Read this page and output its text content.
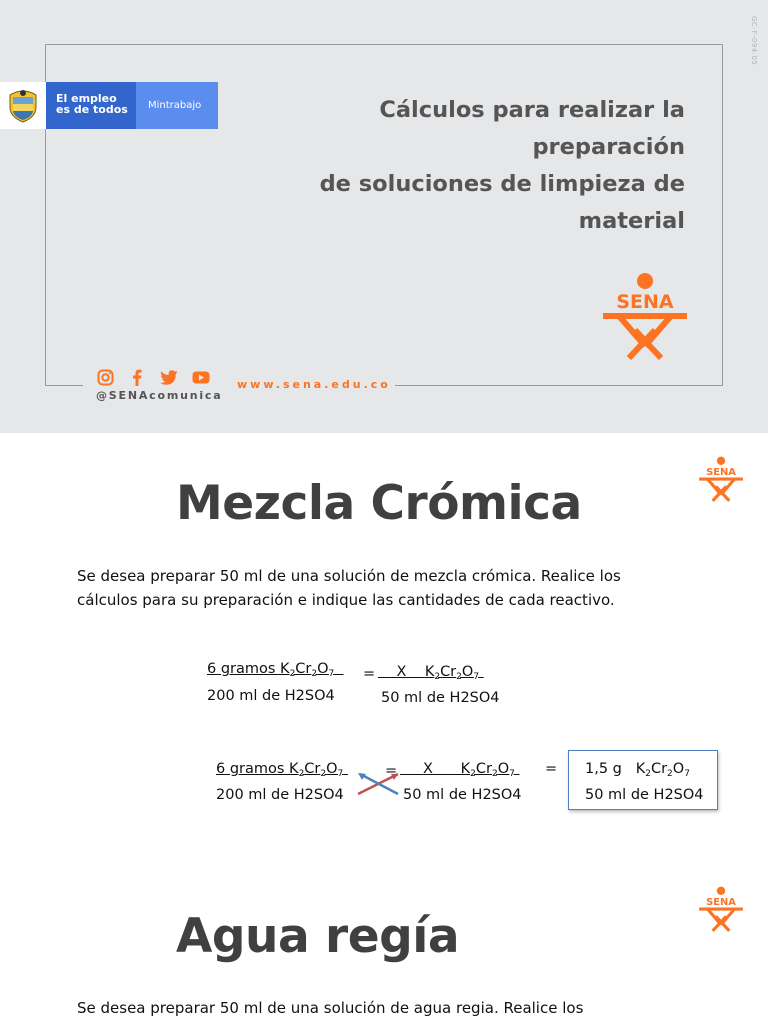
GC-F-094.05
El empleo
es de todos	Mintrabajo	Cálculos para realizar la preparación
de soluciones de limpieza de
material
SENA
@SENAcomunica
www.sena.edu.co
SENA
Mezcla Crómica
Se desea preparar 50 ml de una solución de mezcla crómica. Realice los
cálculos para su preparación e indique las cantidades de cada reactivo.
6 gramos $K_2Cr_2O_7$
200 ml de H2SO4
=	X $K_2Cr_2O_7$
50 ml de H2SO4
6 gramos $K_2Cr_2O_7$
200 ml de H2SO4
=	X $K_2Cr_2O_7$
50 ml de H2SO4
= 1,5 g $K_2Cr_2O_7$
50 ml de H2SO4
SENA
Agua regía
Se desea preparar 50 ml de una solución de agua regia. Realice los
